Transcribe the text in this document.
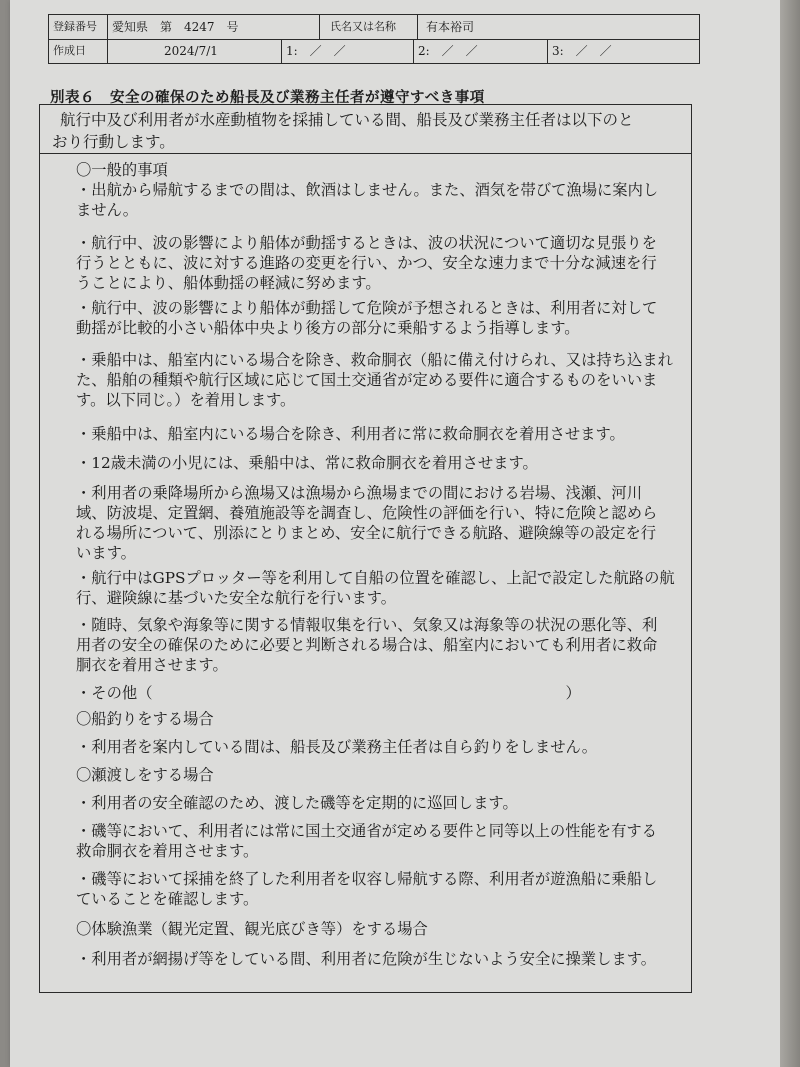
登録番号	愛知県　第　4247　号	氏名又は名称	有本裕司
作成日	2024/7/1	1:　／　／	2:　／　／	3:　／　／
別表６　安全の確保のため船長及び業務主任者が遵守すべき事項
航行中及び利用者が水産動植物を採捕している間、船長及び業務主任者は以下のと
おり行動します。
〇一般的事項
・出航から帰航するまでの間は、飲酒はしません。また、酒気を帯びて漁場に案内し
ません。
・航行中、波の影響により船体が動揺するときは、波の状況について適切な見張りを
行うとともに、波に対する進路の変更を行い、かつ、安全な速力まで十分な減速を行
うことにより、船体動揺の軽減に努めます。
・航行中、波の影響により船体が動揺して危険が予想されるときは、利用者に対して
動揺が比較的小さい船体中央より後方の部分に乗船するよう指導します。
・乗船中は、船室内にいる場合を除き、救命胴衣（船に備え付けられ、又は持ち込まれ
た、船舶の種類や航行区域に応じて国土交通省が定める要件に適合するものをいいま
す。以下同じ。）を着用します。
・乗船中は、船室内にいる場合を除き、利用者に常に救命胴衣を着用させます。
・12歳未満の小児には、乗船中は、常に救命胴衣を着用させます。
・利用者の乗降場所から漁場又は漁場から漁場までの間における岩場、浅瀬、河川
域、防波堤、定置網、養殖施設等を調査し、危険性の評価を行い、特に危険と認めら
れる場所について、別添にとりまとめ、安全に航行できる航路、避険線等の設定を行
います。
・航行中はGPSプロッター等を利用して自船の位置を確認し、上記で設定した航路の航
行、避険線に基づいた安全な航行を行います。
・随時、気象や海象等に関する情報収集を行い、気象又は海象等の状況の悪化等、利
用者の安全の確保のために必要と判断される場合は、船室内においても利用者に救命
胴衣を着用させます。
・その他（　　　　　　　　　　　　　　　　　　　　　　　　　　　）
〇船釣りをする場合
・利用者を案内している間は、船長及び業務主任者は自ら釣りをしません。
〇瀬渡しをする場合
・利用者の安全確認のため、渡した磯等を定期的に巡回します。
・磯等において、利用者には常に国土交通省が定める要件と同等以上の性能を有する
救命胴衣を着用させます。
・磯等において採捕を終了した利用者を収容し帰航する際、利用者が遊漁船に乗船し
ていることを確認します。
〇体験漁業（観光定置、観光底びき等）をする場合
・利用者が網揚げ等をしている間、利用者に危険が生じないよう安全に操業します。
